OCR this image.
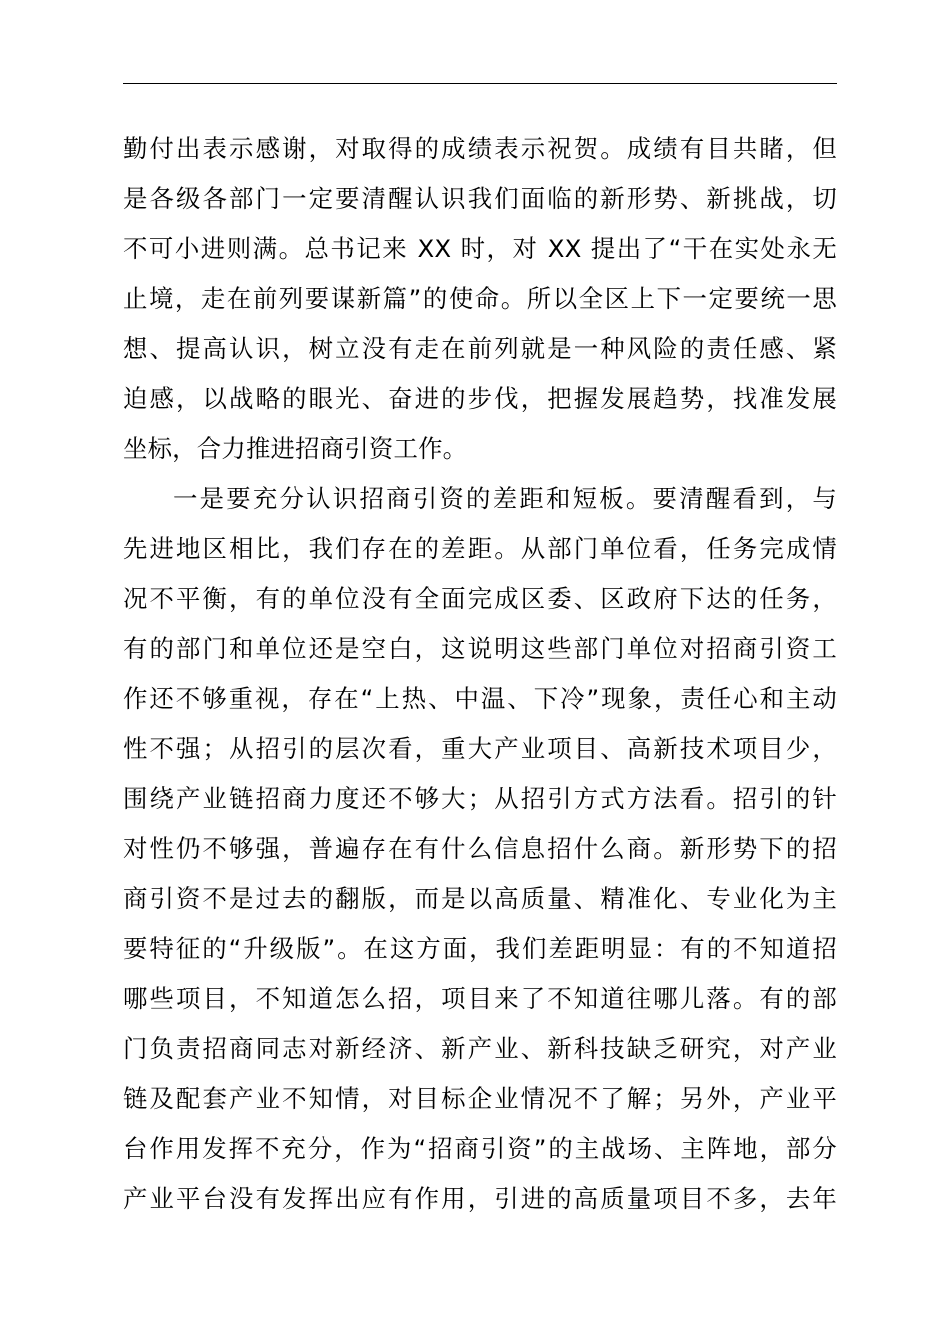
勤付出表示感谢，对取得的成绩表示祝贺。成绩有目共睹，但
是各级各部门一定要清醒认识我们面临的新形势、新挑战，切
不可小进则满。总书记来 XX 时，对 XX 提出了“干在实处永无
止境，走在前列要谋新篇”的使命。所以全区上下一定要统一思
想、提高认识，树立没有走在前列就是一种风险的责任感、紧
迫感，以战略的眼光、奋进的步伐，把握发展趋势，找准发展
坐标，合力推进招商引资工作。
一是要充分认识招商引资的差距和短板。要清醒看到，与
先进地区相比，我们存在的差距。从部门单位看，任务完成情
况不平衡，有的单位没有全面完成区委、区政府下达的任务，
有的部门和单位还是空白，这说明这些部门单位对招商引资工
作还不够重视，存在“上热、中温、下冷”现象，责任心和主动
性不强；从招引的层次看，重大产业项目、高新技术项目少，
围绕产业链招商力度还不够大；从招引方式方法看。招引的针
对性仍不够强，普遍存在有什么信息招什么商。新形势下的招
商引资不是过去的翻版，而是以高质量、精准化、专业化为主
要特征的“升级版”。在这方面，我们差距明显：有的不知道招
哪些项目，不知道怎么招，项目来了不知道往哪儿落。有的部
门负责招商同志对新经济、新产业、新科技缺乏研究，对产业
链及配套产业不知情，对目标企业情况不了解；另外，产业平
台作用发挥不充分，作为“招商引资”的主战场、主阵地，部分
产业平台没有发挥出应有作用，引进的高质量项目不多，去年
